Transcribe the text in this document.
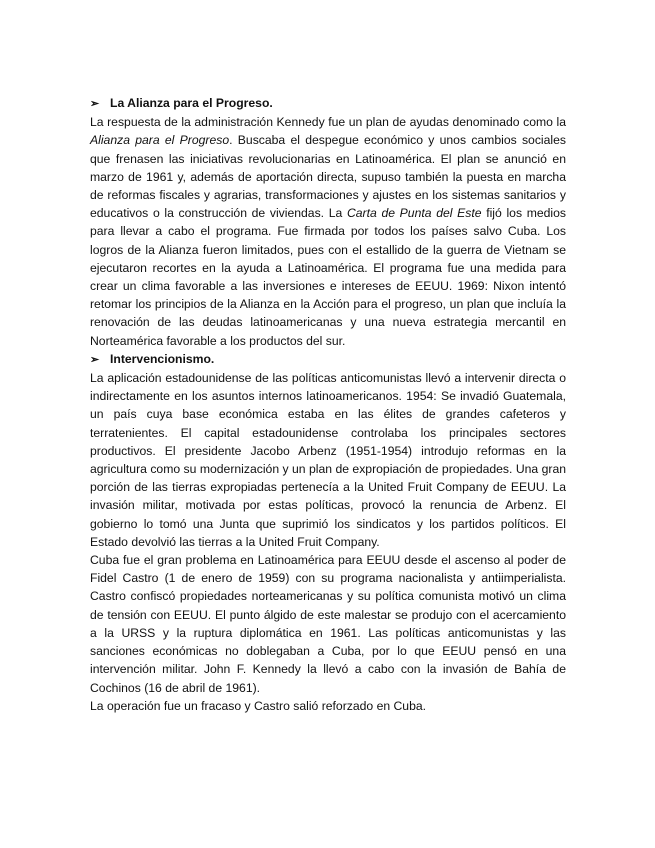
➢ La Alianza para el Progreso.

La respuesta de la administración Kennedy fue un plan de ayudas denominado como la Alianza para el Progreso. Buscaba el despegue económico y unos cambios sociales que frenasen las iniciativas revolucionarias en Latinoamérica. El plan se anunció en marzo de 1961 y, además de aportación directa, supuso también la puesta en marcha de reformas fiscales y agrarias, transformaciones y ajustes en los sistemas sanitarios y educativos o la construcción de viviendas. La Carta de Punta del Este fijó los medios para llevar a cabo el programa. Fue firmada por todos los países salvo Cuba. Los logros de la Alianza fueron limitados, pues con el estallido de la guerra de Vietnam se ejecutaron recortes en la ayuda a Latinoamérica. El programa fue una medida para crear un clima favorable a las inversiones e intereses de EEUU. 1969: Nixon intentó retomar los principios de la Alianza en la Acción para el progreso, un plan que incluía la renovación de las deudas latinoamericanas y una nueva estrategia mercantil en Norteamérica favorable a los productos del sur.

➢ Intervencionismo.

La aplicación estadounidense de las políticas anticomunistas llevó a intervenir directa o indirectamente en los asuntos internos latinoamericanos. 1954: Se invadió Guatemala, un país cuya base económica estaba en las élites de grandes cafeteros y terratenientes. El capital estadounidense controlaba los principales sectores productivos. El presidente Jacobo Arbenz (1951-1954) introdujo reformas en la agricultura como su modernización y un plan de expropiación de propiedades. Una gran porción de las tierras expropiadas pertenecía a la United Fruit Company de EEUU. La invasión militar, motivada por estas políticas, provocó la renuncia de Arbenz. El gobierno lo tomó una Junta que suprimió los sindicatos y los partidos políticos. El Estado devolvió las tierras a la United Fruit Company.

Cuba fue el gran problema en Latinoamérica para EEUU desde el ascenso al poder de Fidel Castro (1 de enero de 1959) con su programa nacionalista y antiimperialista. Castro confiscó propiedades norteamericanas y su política comunista motivó un clima de tensión con EEUU. El punto álgido de este malestar se produjo con el acercamiento a la URSS y la ruptura diplomática en 1961. Las políticas anticomunistas y las sanciones económicas no doblegaban a Cuba, por lo que EEUU pensó en una intervención militar. John F. Kennedy la llevó a cabo con la invasión de Bahía de Cochinos (16 de abril de 1961).

La operación fue un fracaso y Castro salió reforzado en Cuba.
